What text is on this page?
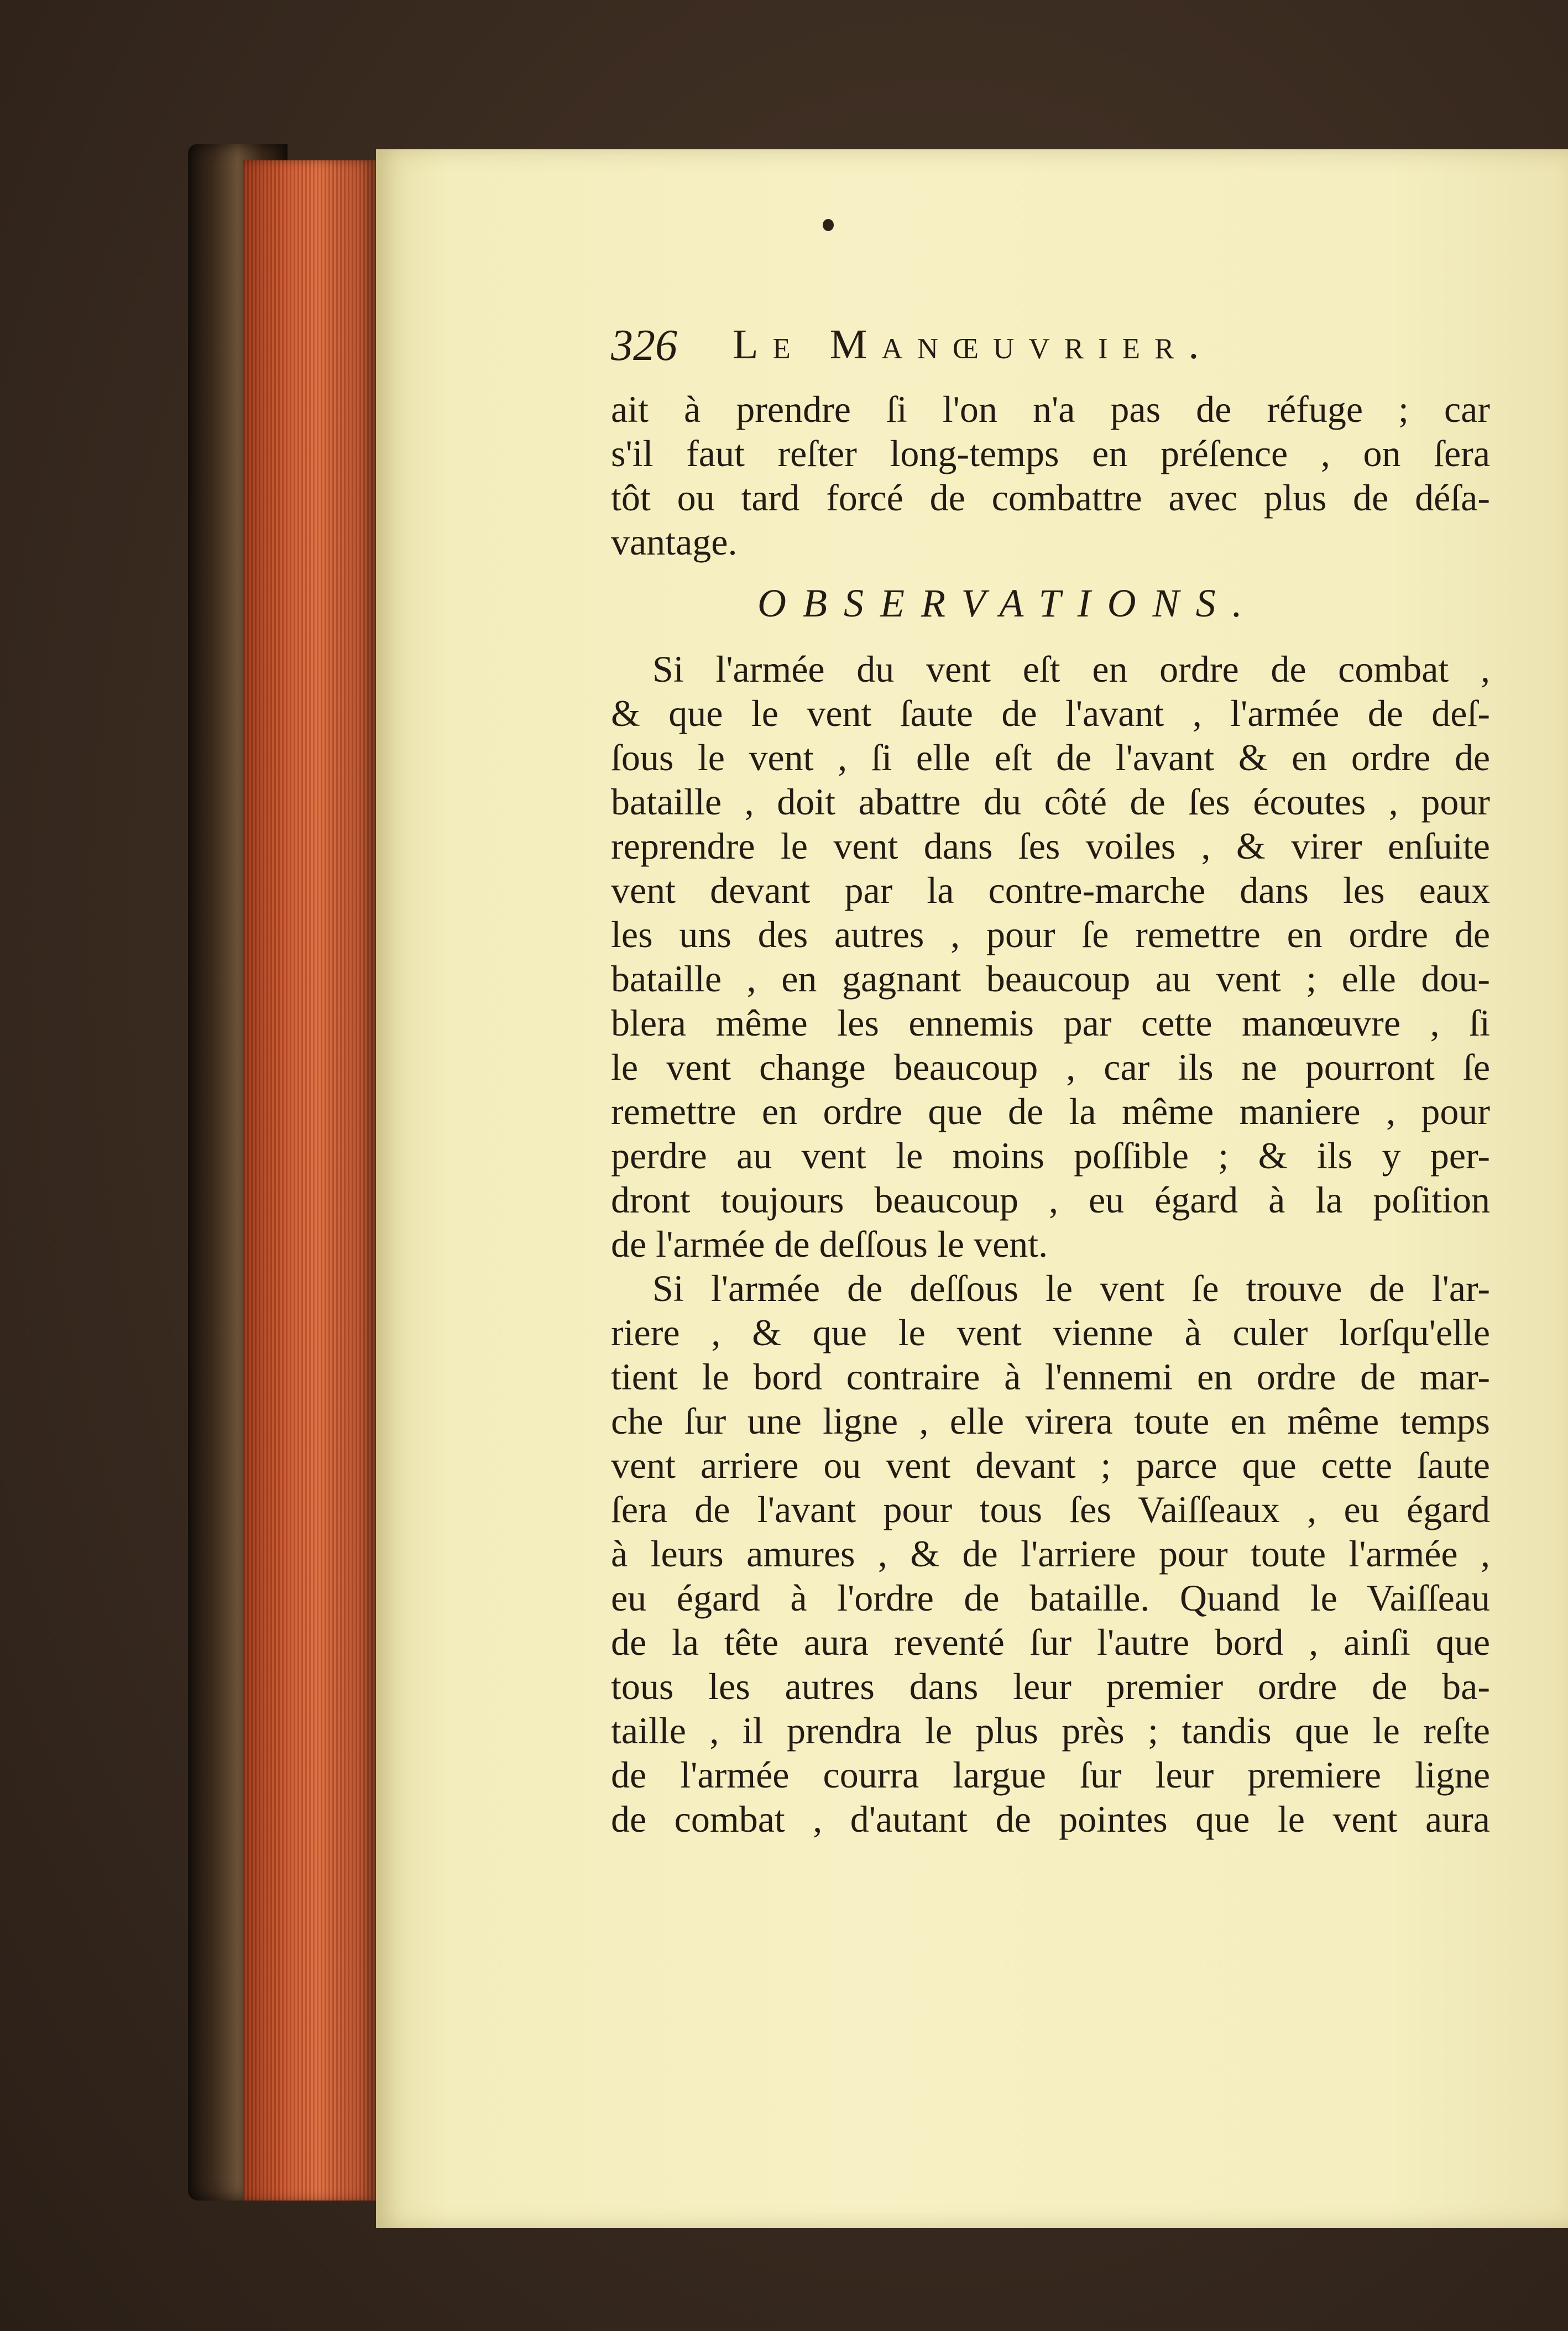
326 Le Manœuvrier.
ait à prendre ſi l'on n'a pas de réfuge ; car
s'il faut reſter long-temps en préſence , on ſera
tôt ou tard forcé de combattre avec plus de déſa-
vantage.
OBSERVATIONS.
Si l'armée du vent eſt en ordre de combat ,
& que le vent ſaute de l'avant , l'armée de deſ-
ſous le vent , ſi elle eſt de l'avant & en ordre de
bataille , doit abattre du côté de ſes écoutes , pour
reprendre le vent dans ſes voiles , & virer enſuite
vent devant par la contre-marche dans les eaux
les uns des autres , pour ſe remettre en ordre de
bataille , en gagnant beaucoup au vent ; elle dou-
blera même les ennemis par cette manœuvre , ſi
le vent change beaucoup , car ils ne pourront ſe
remettre en ordre que de la même maniere , pour
perdre au vent le moins poſſible ; & ils y per-
dront toujours beaucoup , eu égard à la poſition
de l'armée de deſſous le vent.
Si l'armée de deſſous le vent ſe trouve de l'ar-
riere , & que le vent vienne à culer lorſqu'elle
tient le bord contraire à l'ennemi en ordre de mar-
che ſur une ligne , elle virera toute en même temps
vent arriere ou vent devant ; parce que cette ſaute
ſera de l'avant pour tous ſes Vaiſſeaux , eu égard
à leurs amures , & de l'arriere pour toute l'armée ,
eu égard à l'ordre de bataille. Quand le Vaiſſeau
de la tête aura reventé ſur l'autre bord , ainſi que
tous les autres dans leur premier ordre de ba-
taille , il prendra le plus près ; tandis que le reſte
de l'armée courra largue ſur leur premiere ligne
de combat , d'autant de pointes que le vent aura
